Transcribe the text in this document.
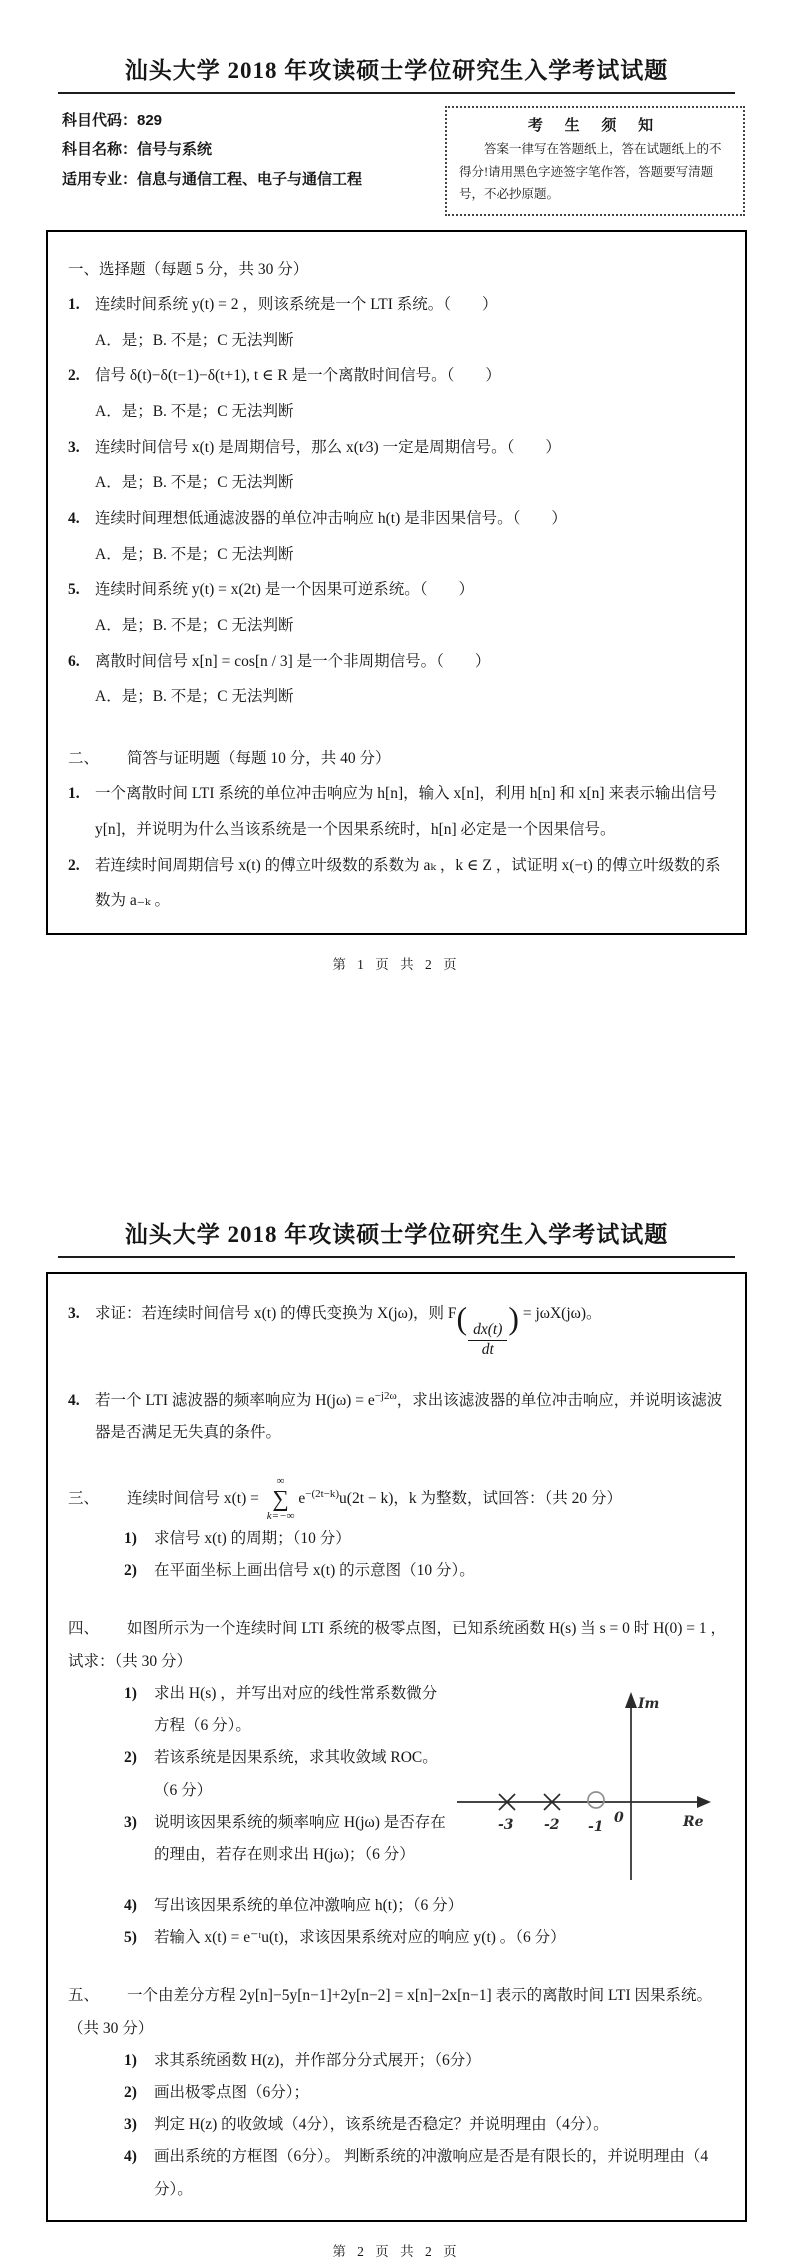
汕头大学 2018 年攻读硕士学位研究生入学考试试题
科目代码：829
科目名称：信号与系统
适用专业：信息与通信工程、电子与通信工程
考 生 须 知
答案一律写在答题纸上，答在试题纸上的不得分!请用黑色字迹签字笔作答，答题要写清题号，不必抄原题。
一、选择题（每题 5 分，共 30 分）
1. 连续时间系统 y(t) = 2 ，则该系统是一个 LTI 系统。（　　）
A．是；B. 不是；C 无法判断
2. 信号 δ(t)−δ(t−1)−δ(t+1), t ∈ R 是一个离散时间信号。（　　）
A．是；B. 不是；C 无法判断
3. 连续时间信号 x(t) 是周期信号，那么 x(t∕3) 一定是周期信号。（　　）
A．是；B. 不是；C 无法判断
4. 连续时间理想低通滤波器的单位冲击响应 h(t) 是非因果信号。（　　）
A．是；B. 不是；C 无法判断
5. 连续时间系统 y(t) = x(2t) 是一个因果可逆系统。（　　）
A．是；B. 不是；C 无法判断
6. 离散时间信号 x[n] = cos[n / 3] 是一个非周期信号。（　　）
A．是；B. 不是；C 无法判断
二、 简答与证明题（每题 10 分，共 40 分）
1. 一个离散时间 LTI 系统的单位冲击响应为 h[n]，输入 x[n]，利用 h[n] 和 x[n] 来表示输出信号 y[n]，并说明为什么当该系统是一个因果系统时，h[n] 必定是一个因果信号。
2. 若连续时间周期信号 x(t) 的傅立叶级数的系数为 aₖ ，k ∈ Z ，试证明 x(−t) 的傅立叶级数的系数为 a₋ₖ 。
第 1 页 共 2 页
汕头大学 2018 年攻读硕士学位研究生入学考试试题
3. 求证：若连续时间信号 x(t) 的傅氏变换为 X(jω)，则 F(
$\frac{dx(t)}{dt}$
) = jωX(jω)。
4. 若一个 LTI 滤波器的频率响应为 $H(j\omega) = e^{-j2\omega}$，求出该滤波器的单位冲击响应，并说明该滤波器是否满足无失真的条件。
三、 连续时间信号 x(t) =
∞
∑
k=−∞
$e^{-(2t-k)}u(2t - k)$，k 为整数，试回答：（共 20 分）
1)	求信号 x(t) 的周期；（10 分）
2)	在平面坐标上画出信号 x(t) 的示意图（10 分）。
四、 如图所示为一个连续时间 LTI 系统的极零点图，已知系统函数 H(s) 当 s = 0 时 H(0) = 1 ，试求：（共 30 分）
1)	求出 H(s) ，并写出对应的线性常系数微分方程（6 分）。
2)	若该系统是因果系统，求其收敛域 ROC。（6 分）
3)	说明该因果系统的频率响应 H(jω) 是否存在的理由，若存在则求出 H(jω)；（6 分）
Im
Re
0
-3 -2 -1
4)	写出该因果系统的单位冲激响应 h(t)；（6 分）
5)	若输入 x(t) = e⁻ᵗu(t)，求该因果系统对应的响应 y(t) 。（6 分）
五、 一个由差分方程 2y[n]−5y[n−1]+2y[n−2] = x[n]−2x[n−1] 表示的离散时间 LTI 因果系统。（共 30 分）
1)	求其系统函数 H(z)，并作部分分式展开；（6分）
2)	画出极零点图（6分）；
3)	判定 H(z) 的收敛域（4分），该系统是否稳定？并说明理由（4分）。
4)	画出系统的方框图（6分）。 判断系统的冲激响应是否是有限长的，并说明理由（4分）。
第 2 页 共 2 页
